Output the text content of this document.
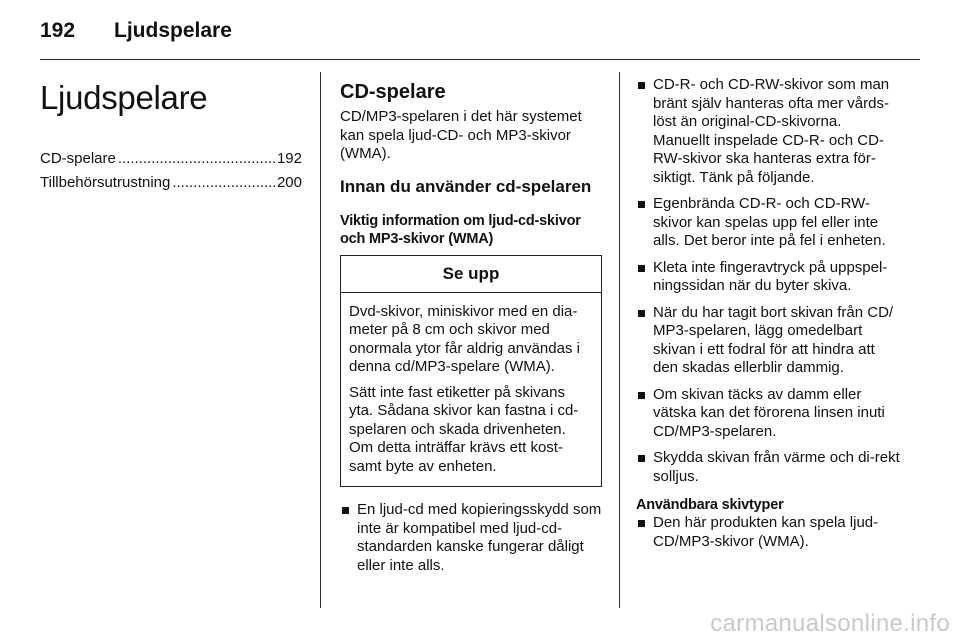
192	Ljudspelare
Ljudspelare
CD-spelare .....	192
Tillbehörsutrustning .....	200
CD-spelare

CD/MP3-spelaren i det här systemet kan spela ljud-CD- och MP3-skivor (WMA).

Innan du använder cd-spelaren
Viktig information om ljud-cd-skivor och MP3-skivor (WMA)
Se upp

Dvd-skivor, miniskivor med en dia-meter på 8 cm och skivor med onormala ytor får aldrig användas i denna cd/MP3-spelare (WMA).

Sätt inte fast etiketter på skivans yta. Sådana skivor kan fastna i cd-spelaren och skada drivenheten. Om detta inträffar krävs ett kost-samt byte av enheten.

En ljud-cd med kopieringsskydd som inte är kompatibel med ljud-cd-standarden kanske fungerar dåligt eller inte alls.
CD-R- och CD-RW-skivor som man bränt själv hanteras ofta mer vårds-löst än original-CD-skivorna. Manuellt inspelade CD-R- och CD-RW-skivor ska hanteras extra för-siktigt. Tänk på följande.
Egenbrända CD-R- och CD-RW-skivor kan spelas upp fel eller inte alls. Det beror inte på fel i enheten.
Kleta inte fingeravtryck på uppspel-ningssidan när du byter skiva.
När du har tagit bort skivan från CD/ MP3-spelaren, lägg omedelbart skivan i ett fodral för att hindra att den skadas ellerblir dammig.
Om skivan täcks av damm eller vätska kan det förorena linsen inuti CD/MP3-spelaren.
Skydda skivan från värme och di-rekt solljus.
Användbara skivtyper
Den här produkten kan spela ljud-CD/MP3-skivor (WMA).
carmanualsonline.info
